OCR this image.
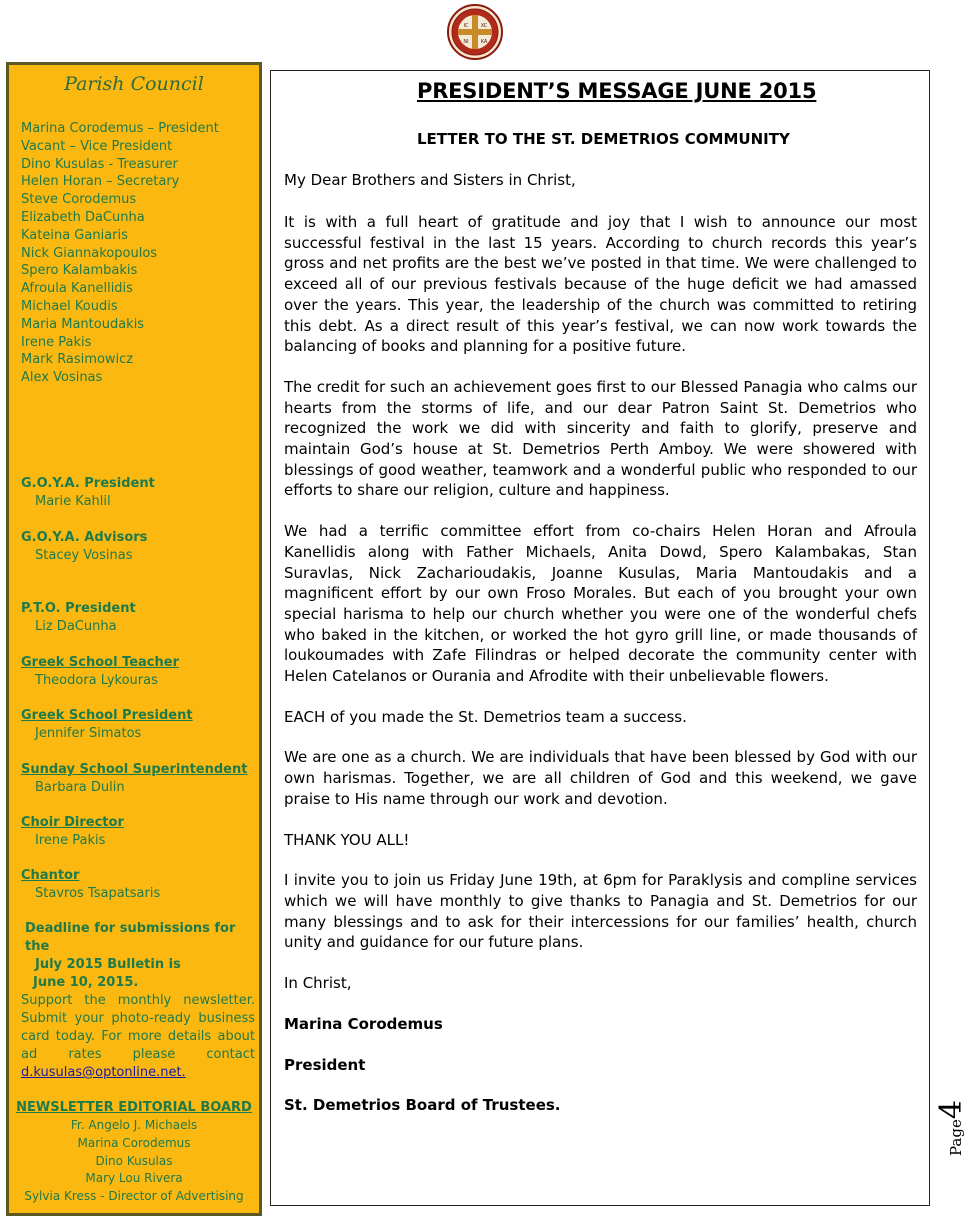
IC XC
NI KA
Parish Council
Marina Corodemus – President
Vacant – Vice President
Dino Kusulas - Treasurer
Helen Horan – Secretary
Steve Corodemus
Elizabeth DaCunha
Kateina Ganiaris
Nick Giannakopoulos
Spero Kalambakis
Afroula Kanellidis
Michael Koudis
Maria Mantoudakis
Irene Pakis
Mark Rasimowicz
Alex Vosinas
G.O.Y.A. President
Marie Kahlil
G.O.Y.A. Advisors
Stacey Vosinas
P.T.O. President
Liz DaCunha
Greek School Teacher
Theodora Lykouras
Greek School President
Jennifer Simatos
Sunday School Superintendent
Barbara Dulin
Choir Director
Irene Pakis
Chantor
Stavros Tsapatsaris
Deadline for submissions for the
July 2015 Bulletin is
June 10, 2015.
Support the monthly newsletter. Submit your photo-ready business card today. For more details about ad rates please contact d.kusulas@optonline.net.
NEWSLETTER EDITORIAL BOARD
Fr. Angelo J. Michaels
Marina Corodemus
Dino Kusulas
Mary Lou Rivera
Sylvia Kress - Director of Advertising
PRESIDENT’S MESSAGE JUNE 2015
LETTER TO THE ST. DEMETRIOS COMMUNITY
My Dear Brothers and Sisters in Christ,

It is with a full heart of gratitude and joy that I wish to announce our most successful festival in the last 15 years. According to church records this year’s gross and net profits are the best we’ve posted in that time. We were challenged to exceed all of our previous festivals because of the huge deficit we had amassed over the years. This year, the leadership of the church was committed to retiring this debt. As a direct result of this year’s festival, we can now work towards the balancing of books and planning for a positive future.

The credit for such an achievement goes first to our Blessed Panagia who calms our hearts from the storms of life, and our dear Patron Saint St. Demetrios who recognized the work we did with sincerity and faith to glorify, preserve and maintain God’s house at St. Demetrios Perth Amboy. We were showered with blessings of good weather, teamwork and a wonderful public who responded to our efforts to share our religion, culture and happiness.

We had a terrific committee effort from co-chairs Helen Horan and Afroula Kanellidis along with Father Michaels, Anita Dowd, Spero Kalambakas, Stan Suravlas, Nick Zacharioudakis, Joanne Kusulas, Maria Mantoudakis and a magnificent effort by our own Froso Morales. But each of you brought your own special harisma to help our church whether you were one of the wonderful chefs who baked in the kitchen, or worked the hot gyro grill line, or made thousands of loukoumades with Zafe Filindras or helped decorate the community center with Helen Catelanos or Ourania and Afrodite with their unbelievable flowers.

EACH of you made the St. Demetrios team a success.

We are one as a church. We are individuals that have been blessed by God with our own harismas. Together, we are all children of God and this weekend, we gave praise to His name through our work and devotion.

THANK YOU ALL!

I invite you to join us Friday June 19th, at 6pm for Paraklysis and compline services which we will have monthly to give thanks to Panagia and St. Demetrios for our many blessings and to ask for their intercessions for our families’ health, church unity and guidance for our future plans.

In Christ,

Marina Corodemus

President

St. Demetrios Board of Trustees.

Page4
